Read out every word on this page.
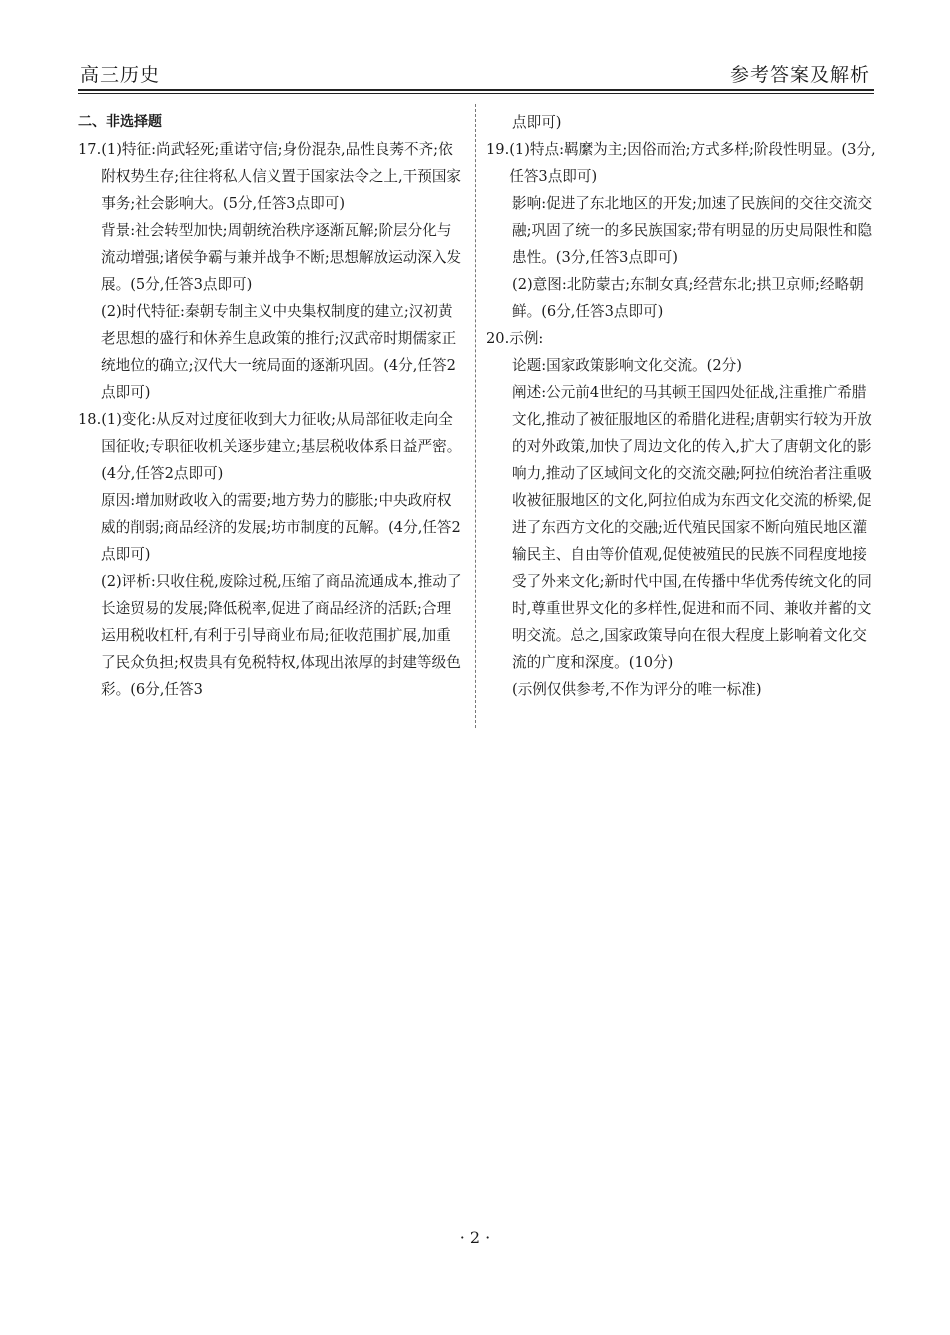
高三历史	参考答案及解析
二、非选择题
17. (1)特征:尚武轻死;重诺守信;身份混杂,品性良莠不齐;依附权势生存;往往将私人信义置于国家法令之上,干预国家事务;社会影响大。(5分,任答3点即可)

背景:社会转型加快;周朝统治秩序逐渐瓦解;阶层分化与流动增强;诸侯争霸与兼并战争不断;思想解放运动深入发展。(5分,任答3点即可)

(2)时代特征:秦朝专制主义中央集权制度的建立;汉初黄老思想的盛行和休养生息政策的推行;汉武帝时期儒家正统地位的确立;汉代大一统局面的逐渐巩固。(4分,任答2点即可)

18. (1)变化:从反对过度征收到大力征收;从局部征收走向全国征收;专职征收机关逐步建立;基层税收体系日益严密。(4分,任答2点即可)

原因:增加财政收入的需要;地方势力的膨胀;中央政府权威的削弱;商品经济的发展;坊市制度的瓦解。(4分,任答2点即可)

(2)评析:只收住税,废除过税,压缩了商品流通成本,推动了长途贸易的发展;降低税率,促进了商品经济的活跃;合理运用税收杠杆,有利于引导商业布局;征收范围扩展,加重了民众负担;权贵具有免税特权,体现出浓厚的封建等级色彩。(6分,任答3

点即可)

19. (1)特点:羁縻为主;因俗而治;方式多样;阶段性明显。(3分,任答3点即可)

影响:促进了东北地区的开发;加速了民族间的交往交流交融;巩固了统一的多民族国家;带有明显的历史局限性和隐患性。(3分,任答3点即可)

(2)意图:北防蒙古;东制女真;经营东北;拱卫京师;经略朝鲜。(6分,任答3点即可)

20. 示例:

论题:国家政策影响文化交流。(2分)

阐述:公元前4世纪的马其顿王国四处征战,注重推广希腊文化,推动了被征服地区的希腊化进程;唐朝实行较为开放的对外政策,加快了周边文化的传入,扩大了唐朝文化的影响力,推动了区域间文化的交流交融;阿拉伯统治者注重吸收被征服地区的文化,阿拉伯成为东西文化交流的桥梁,促进了东西方文化的交融;近代殖民国家不断向殖民地区灌输民主、自由等价值观,促使被殖民的民族不同程度地接受了外来文化;新时代中国,在传播中华优秀传统文化的同时,尊重世界文化的多样性,促进和而不同、兼收并蓄的文明交流。总之,国家政策导向在很大程度上影响着文化交流的广度和深度。(10分)

(示例仅供参考,不作为评分的唯一标准)

· 2 ·
